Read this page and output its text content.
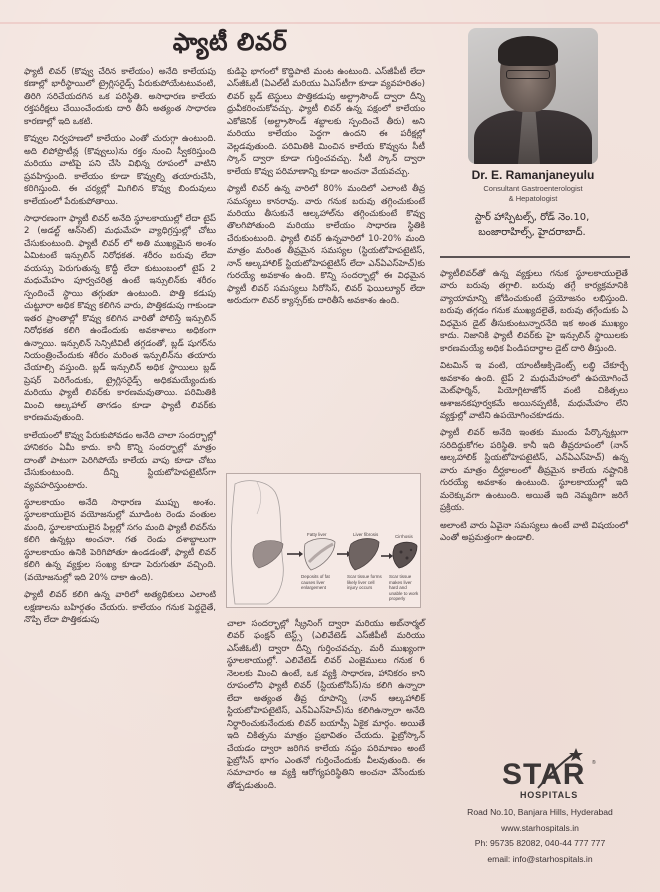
ఫ్యాటీ లివర్

ఫ్యాటీ లివర్ (కొవ్వు చేరిన కాలేయం) అనేది కాలేయపు కణాల్లో భారీస్థాయిలో ట్రైగ్లిసరైడ్స్ పేరుకుపోయేటటువంటి, తిరిగి సరిచేయదగిన ఒక పరిస్థితి. అసాధారణ కాలేయ రక్తపరీక్షలు చేయించేందుకు దారి తీసే అత్యంత సాధారణ కారణాల్లో ఇది ఒకటి.

కొవ్వుల నిర్వహణలో కాలేయం ఎంతో చురుగ్గా ఉంటుంది. అది లిపోప్రొటీన్ల (కొవ్వులు)ను రక్తం నుంచి స్వీకరిస్తుంది మరియు వాటిపై పని చేసి విభిన్న రూపంలో వాటిని ప్రవహిస్తుంది. కాలేయం కూడా కొవ్వుల్ని తయారుచేసి, కరిగిస్తుంది. ఈ చర్యల్లో మిగిలిన కొవ్వు బిందువులు కాలేయంలో పేరుకుపోతాయి.

సాధారణంగా ఫ్యాటీ లివర్ అనేది స్థూలకాయుల్లో లేదా టైప్ 2 (అడల్ట్ ఆన్‌సెట్) మధుమేహ వ్యాధిగ్రస్తుల్లో చోటు చేసుకుంటుంది. ఫ్యాటీ లివర్ లో అతి ముఖ్యమైన అంశం ఏమిటంటే ఇన్సులిన్ నిరోధకత. శరీరం బరువు లేదా వయస్సు పెరుగుతున్న కొద్దీ లేదా కుటుంబంలో టైప్ 2 మధుమేహం పూర్వచరిత్ర ఉంటే ఇన్సులిన్‌కు శరీరం స్పందించే స్థాయి తగ్గుతూ ఉంటుంది. పొత్తి కడుపు చుట్టూరా అధిక కొవ్వు కలిగిన వారు, పొత్తికడుపు గాకుండా ఇతర ప్రాంతాల్లో కొవ్వు కలిగిన వారితో పోలిస్తే ఇన్సులిన్ నిరోధకత కలిగి ఉండేందుకు అవకాశాలు అధికంగా ఉన్నాయి. ఇన్సులిన్ సెన్సిటివిటీ తగ్గడంతో, బ్లడ్ షుగర్‌ను నియంత్రించేందుకు శరీరం మరింత ఇన్సులిన్‌ను తయారు చేయాల్సి వస్తుంది. బ్లడ్ ఇన్సులిన్ అధిక స్థాయిలు బ్లడ్ ప్రెషర్ పెరిగేందుకు, ట్రైగ్లిసరైడ్స్ అధికమయ్యేందుకు మరియు ఫ్యాటీ లివర్‌కు కారణమవుతాయి. పరిమితికి మించి ఆల్కహాల్ తాగడం కూడా ఫ్యాటీ లివర్‌కు కారణమవుతుంది.

కాలేయంలో కొవ్వు పేరుకుపోవడం అనేది చాలా సందర్భాల్లో హానికరం ఏమీ కాదు. కానీ కొన్ని సందర్భాల్లో మాత్రం దాంతో పాటుగా పెరిగిపోయే కాలేయ వాపు కూడా చోటు చేసుకుంటుంది. దీన్ని స్టియటోహెపటైటిస్‌గా వ్యవహరిస్తుంటారు.

స్థూలకాయం అనేది సాధారణ ముప్పు అంశం. స్థూలకాయులైన వయోజనుల్లో మూడింట రెండు వంతుల మంది, స్థూలకాయులైన పిల్లల్లో సగం మంది ఫ్యాటీ లివర్‌ను కలిగి ఉన్నట్లు అంచనా. గత రెండు దశాబ్దాలుగా స్థూలకాయం ఉనికి పెరిగిపోతూ ఉండడంతో, ఫ్యాటీ లివర్ కలిగి ఉన్న వ్యక్తుల సంఖ్య కూడా పెరుగుతూ వచ్చింది. (వయోజనుల్లో ఇది 20% దాకా ఉంది).

ఫ్యాటీ లివర్ కలిగి ఉన్న వారిలో అత్యధికులు ఎలాంటి లక్షణాలను బహిర్గతం చేయరు. కాలేయం గనుక పెద్దదైతే, నొప్పి లేదా పొత్తికడుపు

కుడిపై భాగంలో కొద్దిపాటి మంట ఉంటుంది. ఎస్‌జీపీటీ లేదా ఎస్‌జీఓటీ (ఏఎల్‌టీ మరియు ఏఎస్‌టీగా కూడా వ్యవహరితం) లివర్ బ్లడ్ టెస్టులు పొత్తికడుపు అల్ట్రాసౌండ్ ద్వారా దీన్ని ధ్రువీకరించుకోవచ్చు. ఫ్యాటీ లివర్ ఉన్న పక్షంలో కాలేయం ఎకోజెనిక్ (అల్ట్రాసౌండ్ శబ్దాలకు స్పందించే తీరు) అని మరియు కాలేయం పెద్దగా ఉందని ఈ పరీక్షల్లో వెల్లడవుతుంది. పరిమితికి మించిన కాలేయ కొవ్వును సీటీ స్కాన్ ద్వారా కూడా గుర్తించవచ్చు. సీటీ స్కాన్ ద్వారా కాలేయ కొవ్వు పరిమాణాన్ని కూడా అంచనా వేయవచ్చు.

ఫ్యాటీ లివర్ ఉన్న వారిలో 80% మందిలో ఎలాంటి తీవ్ర సమస్యలు కానరావు. వారు గనుక బరువు తగ్గించుకుంటే మరియు తీసుకునే ఆల్కహాల్‌ను తగ్గించుకుంటే కొవ్వు తొలగిపోతుంది మరియు కాలేయం సాధారణ స్థితికి చేరుకుంటుంది. ఫ్యాటీ లివర్ ఉన్నవారిలో 10-20% మంది మాత్రం మరింత తీవ్రమైన సమస్యల (స్టియటోహెపటైటిస్, నాన్ ఆల్కహాలిక్ స్టియటోహెపటైటిస్ లేదా ఎన్‌ఏఎస్‌హెచ్)కు గురయ్యే అవకాశం ఉంది. కొన్ని సందర్భాల్లో ఈ విధమైన ఫ్యాటీ లివర్ సమస్యలు సిరోసిస్, లివర్ ఫెయిల్యూర్ లేదా అరుదుగా లివర్ క్యాన్సర్‌కు దారితీసే అవకాశం ఉంది.

Fatty liver	Liver fibrosis	Cirrhosis
Deposits of fat causes liver enlargement
Scar tissue forms likely liver cell injury occurs
Scar tissue makes liver hard and unable to work properly

చాలా సందర్భాల్లో స్క్రీనింగ్ ద్వారా మరియు అబ్‌నార్మల్ లివర్ ఫంక్షన్ టెస్ట్స్ (ఎలివేటెడ్ ఎస్‌జీపీటీ మరియు ఎస్‌జీఓటీ) ద్వారా దీన్ని గుర్తించవచ్చు. మరీ ముఖ్యంగా స్థూలకాయుల్లో. ఎలివేటెడ్ లివర్ ఎంజైములు గనుక 6 నెలలకు మించి ఉంటే, ఒక వ్యక్తి సాధారణ, హానికరం కాని రూపంలోని ఫ్యాటీ లివర్ (స్టియటోసిస్)ను కలిగి ఉన్నారా లేదా అత్యంత తీవ్ర రూపాన్ని (నాన్ ఆల్కహాలిక్ స్టియటోహెపటైటిస్, ఎన్‌ఏఎస్‌హెచ్)ను కలిగిఉన్నారా అనేది నిర్ధారించుకునేందుకు లివర్ బయాప్సీ ఏకైక మార్గం. అయితే ఇది చికిత్సను మాత్రం ప్రభావితం చేయదు. ఫైబ్రోస్కాన్ చేయడం ద్వారా జరిగిన కాలేయ నష్టం పరిమాణం అంటే ఫైబ్రోసిస్ భాగం ఎంతనో గుర్తించేందుకు వీలవుతుంది. ఈ సమాచారం ఆ వ్యక్తి ఆరోగ్యపరిస్థితిని అంచనా వేసేందుకు తోడ్పడుతుంది.

Dr. E. Ramanjaneyulu
Consultant Gastroenterologist
& Hepatologist
స్టార్ హాస్పిటల్స్, రోడ్ నెం.10,
బంజారాహిల్స్, హైదరాబాద్.

ఫ్యాటీలివర్‌తో ఉన్న వ్యక్తులు గనుక స్థూలకాయులైతే వారు బరువు తగ్గాలి. బరువు తగ్గే కార్యక్రమానికి వ్యాయామాన్ని జోడించుకుంటే ప్రయోజనం లభిస్తుంది. బరువు తగ్గడం గనుక ముఖ్యదలైతే, బరువు తగ్గేందుకు ఏ విధమైన డైట్ తీసుకుంటున్నారనేది ఇక అంత ముఖ్యం కాదు. నిజానికి ఫ్యాటీ లివర్‌కు హై ఇన్సులిన్ స్థాయిలకు కారణమయ్యే అధిక పిండిపదార్థాల డైట్ దారి తీస్తుంది.

విటమిన్ ఇ వంటి, యాంటీఆక్సిడెంట్స్ లబ్ధి చేకూర్చే అవకాశం ఉంది. టైప్ 2 మధుమేహంలో ఉపయోగించే మెట్‌ఫార్మిన్, పియోగ్లిటాజోన్ వంటి చికిత్సలు ఆశాజనకపూర్వకమే అయినప్పటికీ, మధుమేహం లేని వ్యక్తుల్లో వాటిని ఉపయోగించకూడదు.

ఫ్యాటీ లివర్ అనేది ఇంతకు ముందు పేర్కొన్నట్లుగా సరిదిద్దుకోగల పరిస్థితి. కానీ ఇది తీవ్రరూపంలో (నాన్ ఆల్కహాలిక్ స్టియటోహెపటైటిస్, ఎన్‌ఏఎస్‌హెచ్) ఉన్న వారు మాత్రం దీర్ఘకాలంలో తీవ్రమైన కాలేయ నష్టానికి గురయ్యే అవకాశం ఉంటుంది. స్థూలకాయుల్లో ఇది మరెక్కువగా ఉంటుంది. అయితే ఇది నెమ్మదిగా జరిగే ప్రక్రియ.

అలాంటి వారు ఏవైనా సమస్యలు ఉంటే వాటి విషయంలో ఎంతో అప్రమత్తంగా ఉండాలి.

®
STAR
HOSPITALS
Road No.10, Banjara Hills, Hyderabad
www.starhospitals.in
Ph: 95735 82082, 040-44 777 777
email: info@starhospitals.in
